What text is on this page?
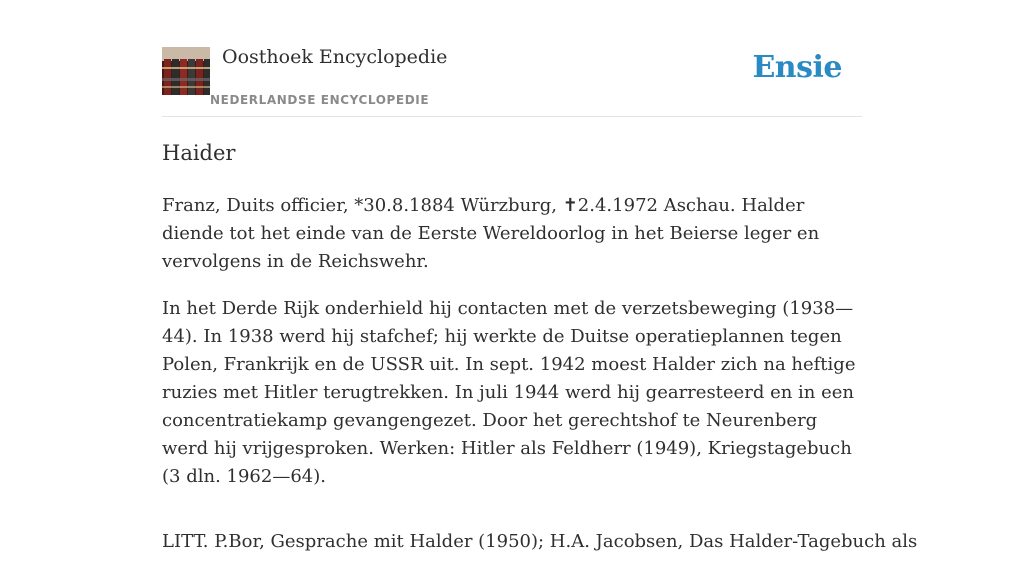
Oosthoek Encyclopedie
NEDERLANDSE ENCYCLOPEDIE
Ensie
Haider

Franz, Duits officier, *30.8.1884 Würzburg, ✝2.4.1972 Aschau. Halder diende tot het einde van de Eerste Wereldoorlog in het Beierse leger en vervolgens in de Reichswehr.

In het Derde Rijk onderhield hij contacten met de verzetsbeweging (1938—44). In 1938 werd hij stafchef; hij werkte de Duitse operatieplannen tegen Polen, Frankrijk en de USSR uit. In sept. 1942 moest Halder zich na heftige ruzies met Hitler terugtrekken. In juli 1944 werd hij gearresteerd en in een concentratiekamp gevangengezet. Door het gerechtshof te Neurenberg werd hij vrijgesproken. Werken: Hitler als Feldherr (1949), Kriegstagebuch (3 dln. 1962—64).

LITT. P.Bor, Gesprache mit Halder (1950); H.A. Jacobsen, Das Halder-Tagebuch als
